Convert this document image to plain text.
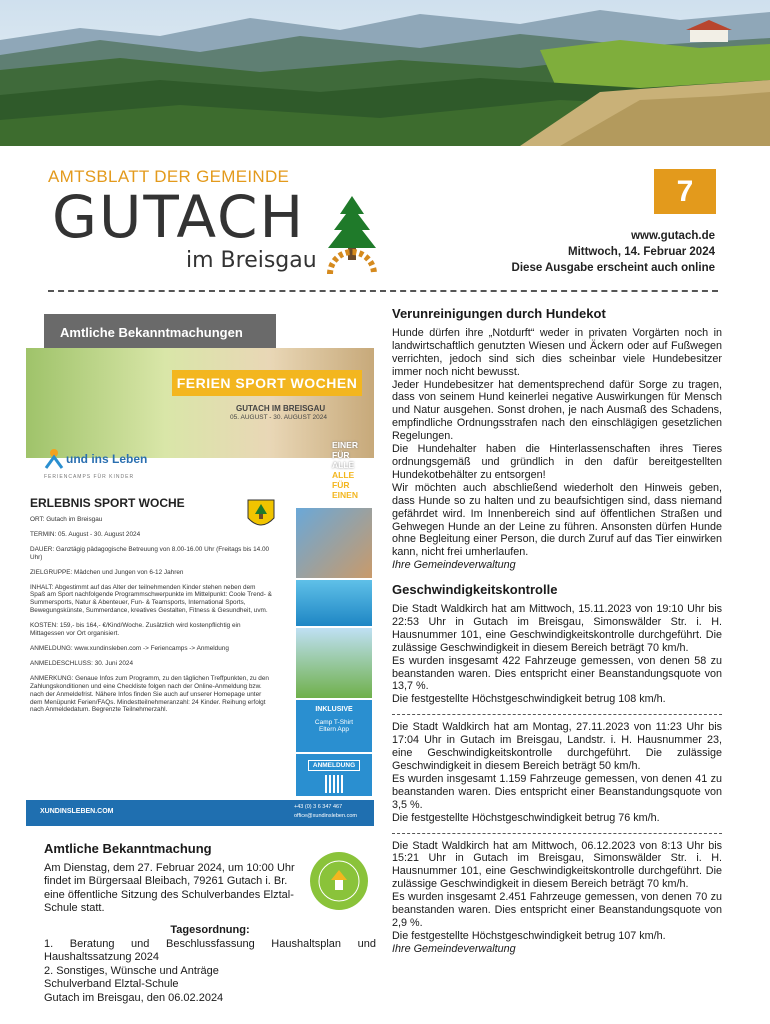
AMTSBLATT DER GEMEINDE
GUTACH
im Breisgau
7
www.gutach.de
Mittwoch, 14. Februar 2024
Diese Ausgabe erscheint auch online
Amtliche Bekanntmachungen
FERIEN SPORT WOCHEN
GUTACH IM BREISGAU
05. AUGUST - 30. AUGUST 2024
und ins Leben
FERIENCAMPS FÜR KINDER
EINER
FÜR
ALLE
ALLE
FÜR
EINEN
ERLEBNIS SPORT WOCHE
ORT: Gutach im Breisgau
TERMIN: 05. August - 30. August 2024
DAUER: Ganztägig pädagogische Betreuung von 8.00-16.00 Uhr (Freitags bis 14.00 Uhr)
ZIELGRUPPE: Mädchen und Jungen von 6-12 Jahren
INHALT: Abgestimmt auf das Alter der teilnehmenden Kinder stehen neben dem Spaß am Sport nachfolgende Programmschwerpunkte im Mittelpunkt: Coole Trend- & Summersports, Natur & Abenteuer, Fun- & Teamsports, International Sports, Bewegungskünste, Summerdance, kreatives Gestalten, Fitness & Gesundheit, uvm.
KOSTEN: 159,- bis 164,- €/Kind/Woche. Zusätzlich wird kostenpflichtig ein Mittagessen vor Ort organisiert.
ANMELDUNG: www.xundinsleben.com -> Feriencamps -> Anmeldung
ANMELDESCHLUSS: 30. Juni 2024
ANMERKUNG: Genaue Infos zum Programm, zu den täglichen Treffpunkten, zu den Zahlungskonditionen und eine Checkliste folgen nach der Online-Anmeldung bzw. nach der Anmeldefrist. Nähere Infos finden Sie auch auf unserer Homepage unter dem Menüpunkt Ferien/FAQs. Mindestteilnehmeranzahl: 24 Kinder. Reihung erfolgt nach Anmeldedatum. Begrenzte Teilnehmerzahl.	INKLUSIVE
Camp T-Shirt Eltern App
ANMELDUNG
XUNDINSLEBEN.COM
+43 (0) 3 6 347 467
office@xundinsleben.com
Amtliche Bekanntmachung
Am Dienstag, dem 27. Februar 2024, um 10:00 Uhr findet im Bürgersaal Bleibach, 79261 Gutach i. Br. eine öffentliche Sitzung des Schulverbandes Elztal-Schule statt.
Tagesordnung:
1. Beratung und Beschlussfassung Haushaltsplan und Haushaltssatzung 2024
2. Sonstiges, Wünsche und Anträge
Schulverband Elztal-Schule
Gutach im Breisgau, den 06.02.2024
Verunreinigungen durch Hundekot

Hunde dürfen ihre „Notdurft“ weder in privaten Vorgärten noch in landwirtschaftlich genutzten Wiesen und Äckern oder auf Fußwegen verrichten, jedoch sind sich dies scheinbar viele Hundebesitzer immer noch nicht bewusst.

Jeder Hundebesitzer hat dementsprechend dafür Sorge zu tragen, dass von seinem Hund keinerlei negative Auswirkungen für Mensch und Natur ausgehen. Sonst drohen, je nach Ausmaß des Schadens, empfindliche Ordnungsstrafen nach den einschlägigen gesetzlichen Regelungen.

Die Hundehalter haben die Hinterlassenschaften ihres Tieres ordnungsgemäß und gründlich in den dafür bereitgestellten Hundekotbehälter zu entsorgen!

Wir möchten auch abschließend wiederholt den Hinweis geben, dass Hunde so zu halten und zu beaufsichtigen sind, dass niemand gefährdet wird. Im Innenbereich sind auf öffentlichen Straßen und Gehwegen Hunde an der Leine zu führen. Ansonsten dürfen Hunde ohne Begleitung einer Person, die durch Zuruf auf das Tier einwirken kann, nicht frei umherlaufen.

Ihre Gemeindeverwaltung

Geschwindigkeitskontrolle

Die Stadt Waldkirch hat am Mittwoch, 15.11.2023 von 19:10 Uhr bis 22:53 Uhr in Gutach im Breisgau, Simonswälder Str. i. H. Hausnummer 101, eine Geschwindigkeitskontrolle durchgeführt. Die zulässige Geschwindigkeit in diesem Bereich beträgt 70 km/h.

Es wurden insgesamt 422 Fahrzeuge gemessen, von denen 58 zu beanstanden waren. Dies entspricht einer Beanstandungsquote von 13,7 %.

Die festgestellte Höchstgeschwindigkeit betrug 108 km/h.

Die Stadt Waldkirch hat am Montag, 27.11.2023 von 11:23 Uhr bis 17:04 Uhr in Gutach im Breisgau, Landstr. i. H. Hausnummer 23, eine Geschwindigkeitskontrolle durchgeführt. Die zulässige Geschwindigkeit in diesem Bereich beträgt 50 km/h.

Es wurden insgesamt 1.159 Fahrzeuge gemessen, von denen 41 zu beanstanden waren. Dies entspricht einer Beanstandungsquote von 3,5 %.

Die festgestellte Höchstgeschwindigkeit betrug 76 km/h.

Die Stadt Waldkirch hat am Mittwoch, 06.12.2023 von 8:13 Uhr bis 15:21 Uhr in Gutach im Breisgau, Simonswälder Str. i. H. Hausnummer 101, eine Geschwindigkeitskontrolle durchgeführt. Die zulässige Geschwindigkeit in diesem Bereich beträgt 70 km/h.

Es wurden insgesamt 2.451 Fahrzeuge gemessen, von denen 70 zu beanstanden waren. Dies entspricht einer Beanstandungsquote von 2,9 %.

Die festgestellte Höchstgeschwindigkeit betrug 107 km/h.

Ihre Gemeindeverwaltung
